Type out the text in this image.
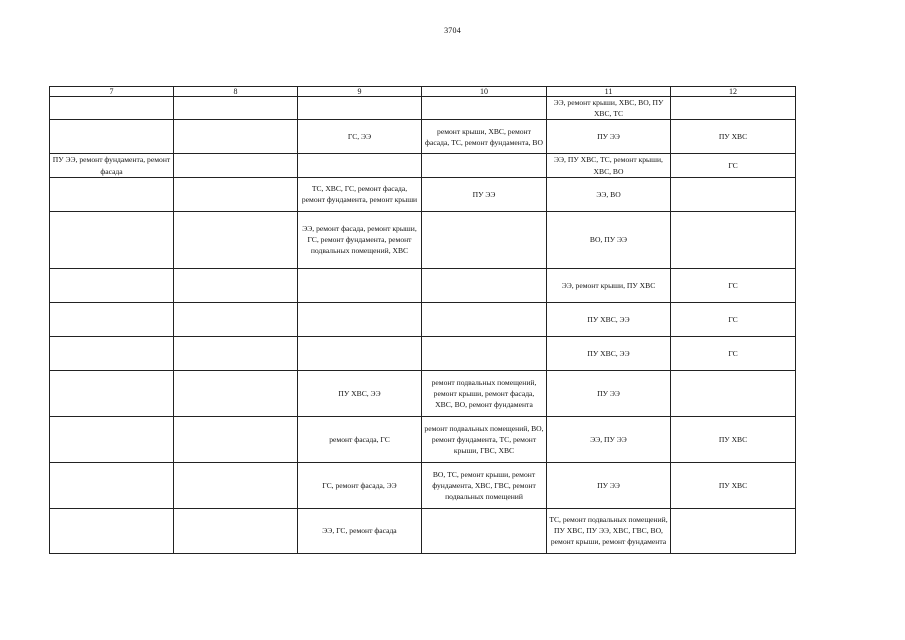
3704
7	8	9	10	11	12

				ЭЭ, ремонт крыши, ХВС, ВО, ПУ ХВС, ТС	

		ГС, ЭЭ	ремонт крыши, ХВС, ремонт фасада, ТС, ремонт фундамента, ВО	ПУ ЭЭ	ПУ ХВС

ПУ ЭЭ, ремонт фундамента, ремонт фасада				ЭЭ, ПУ ХВС, ТС, ремонт крыши, ХВС, ВО	ГС

		ТС, ХВС, ГС, ремонт фасада, ремонт фундамента, ремонт крыши	ПУ ЭЭ	ЭЭ, ВО	

		ЭЭ, ремонт фасада, ремонт крыши, ГС, ремонт фундамента, ремонт подвальных помещений, ХВС		ВО, ПУ ЭЭ	

				ЭЭ, ремонт крыши, ПУ ХВС	ГС

				ПУ ХВС, ЭЭ	ГС

				ПУ ХВС, ЭЭ	ГС

		ПУ ХВС, ЭЭ	ремонт подвальных помещений, ремонт крыши, ремонт фасада, ХВС, ВО, ремонт фундамента	ПУ ЭЭ	

		ремонт фасада, ГС	ремонт подвальных помещений, ВО, ремонт фундамента, ТС, ремонт крыши, ГВС, ХВС	ЭЭ, ПУ ЭЭ	ПУ ХВС

		ГС, ремонт фасада, ЭЭ	ВО, ТС, ремонт крыши, ремонт фундамента, ХВС, ГВС, ремонт подвальных помещений	ПУ ЭЭ	ПУ ХВС

		ЭЭ, ГС, ремонт фасада		ТС, ремонт подвальных помещений, ПУ ХВС, ПУ ЭЭ, ХВС, ГВС, ВО, ремонт крыши, ремонт фундамента	
